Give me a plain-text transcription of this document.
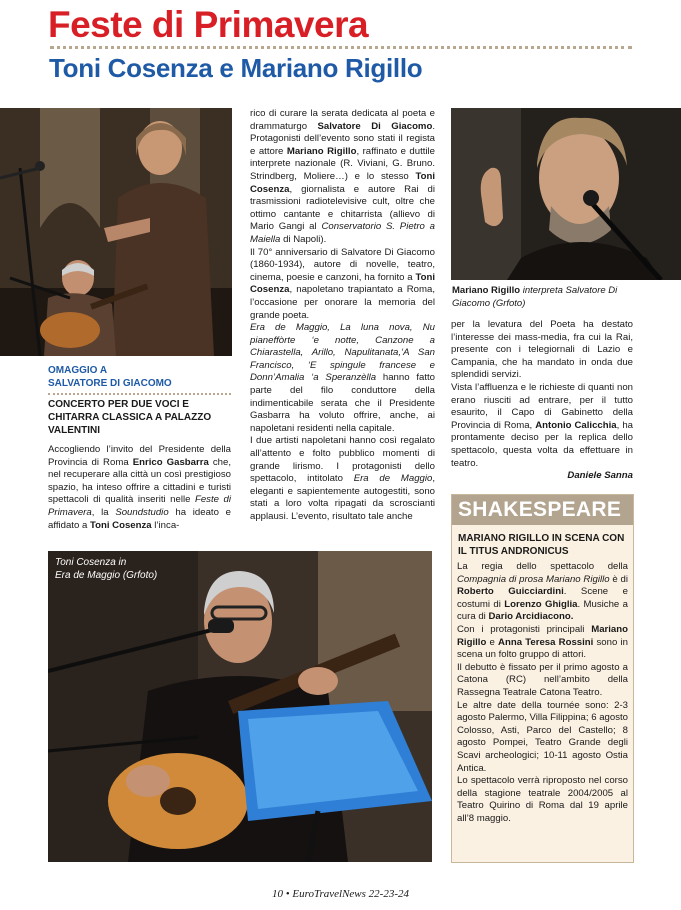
Feste di Primavera
Toni Cosenza e Mariano Rigillo
Toni Cosenza in
Era de Maggio (Grfoto)
OMAGGIO A
SALVATORE DI GIACOMO
CONCERTO PER DUE VOCI E CHITARRA CLASSICA A PALAZZO VALENTINI

Accogliendo l’invito del Presidente della Provincia di Roma Enrico Gasbarra che, nel recuperare alla città un così prestigioso spazio, ha inteso offrire a cittadini e turisti spettacoli di qualità inseriti nelle Feste di Primavera, la Soundstudio ha ideato e affidato a Toni Cosenza l’inca-

rico di curare la serata dedicata al poeta e drammaturgo Salvatore Di Giacomo. Protagonisti dell’evento sono stati il regista e attore Mariano Rigillo, raffinato e duttile interprete nazionale (R. Viviani, G. Bruno. Strindberg, Moliere…) e lo stesso Toni Cosenza, giornalista e autore Rai di trasmissioni radiotelevisive cult, oltre che ottimo cantante e chitarrista (allievo di Mario Gangi al Conservatorio S. Pietro a Maiella di Napoli).

Il 70° anniversario di Salvatore Di Giacomo (1860-1934), autore di novelle, teatro, cinema, poesie e canzoni, ha fornito a Toni Cosenza, napoletano trapiantato a Roma, l’occasione per onorare la memoria del grande poeta.

Era de Maggio, La luna nova, Nu pianeffòrte ‘e notte, Canzone a Chiarastella, Arillo, Napulitanata,‘A San Francisco, ‘E spingule francese e Donn’Amalia ‘a Speranzèlla hanno fatto parte del filo conduttore della indimenticabile serata che il Presidente Gasbarra ha voluto offrire, anche, ai napoletani residenti nella capitale.

I due artisti napoletani hanno così regalato all’attento e folto pubblico momenti di grande lirismo. I protagonisti dello spettacolo, intitolato Era de Maggio, eleganti e sapientemente autogestiti, sono stati a loro volta ripagati da scroscianti applausi. L’evento, risultato tale anche

Mariano Rigillo interpreta Salvatore Di Giacomo (Grfoto)

per la levatura del Poeta ha destato l’interesse dei mass-media, fra cui la Rai, presente con i telegiornali di Lazio e Campania, che ha mandato in onda due splendidi servizi.

Vista l’affluenza e le richieste di quanti non erano riusciti ad entrare, per il tutto esaurito, il Capo di Gabinetto della Provincia di Roma, Antonio Calicchia, ha prontamente deciso per la replica dello spettacolo, questa volta da effettuare in teatro.

Daniele Sanna

SHAKESPEARE
MARIANO RIGILLO IN SCENA CON IL TITUS ANDRONICUS

La regia dello spettacolo della Compagnia di prosa Mariano Rigillo è di Roberto Guicciardini. Scene e costumi di Lorenzo Ghiglia. Musiche a cura di Dario Arcidiacono.

Con i protagonisti principali Mariano Rigillo e Anna Teresa Rossini sono in scena un folto gruppo di attori.

Il debutto è fissato per il primo agosto a Catona (RC) nell’ambito della Rassegna Teatrale Catona Teatro.

Le altre date della tournée sono: 2-3 agosto Palermo, Villa Filippina; 6 agosto Colosso, Asti, Parco del Castello; 8 agosto Pompei, Teatro Grande degli Scavi archeologici; 10-11 agosto Ostia Antica.

Lo spettacolo verrà riproposto nel corso della stagione teatrale 2004/2005 al Teatro Quirino di Roma dal 19 aprile all’8 maggio.

10 • EuroTravelNews 22-23-24
